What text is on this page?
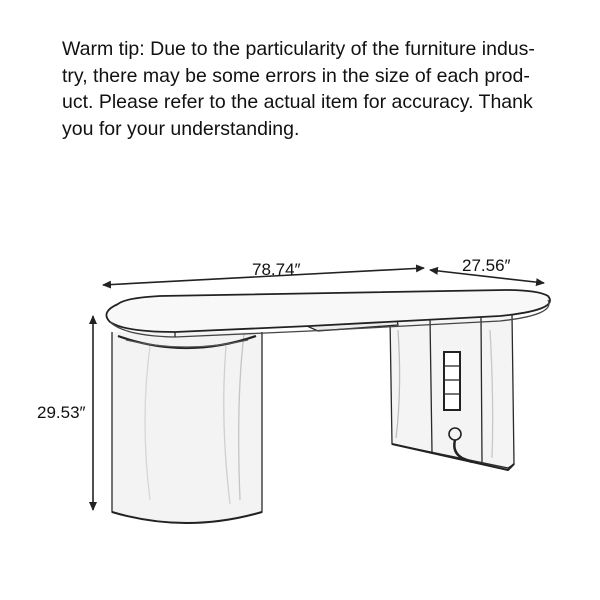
Warm tip: Due to the particularity of the furniture indus-
try, there may be some errors in the size of each prod-
uct. Please refer to the actual item for accuracy. Thank
you for your understanding.
78.74″	27.56″
29.53″
